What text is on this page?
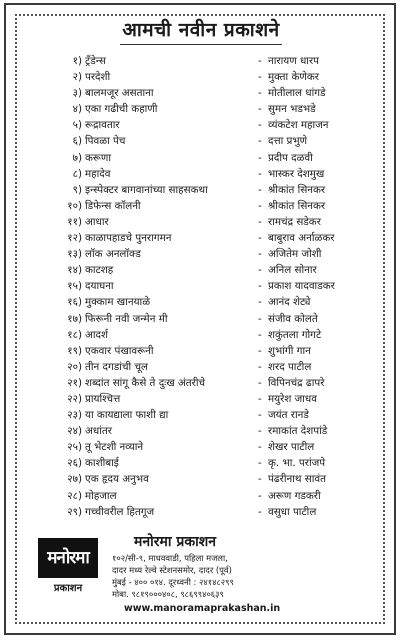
आमची नवीन प्रकाशने
१) ट्रॅंडेन्स	- नारायण धारप
२) परदेशी	- मुक्ता केणेकर
३) बालमजूर असताना	- मोतीलाल धांगडे
४) एका गढीची कहाणी	- सुमन भडभडे
५) रूद्रावतार	- व्यंकटेश महाजन
६) पिवळा पेच	- दत्ता प्रभुणे
७) करूणा	- प्रदीप दळवी
८) महादेव	- भास्कर देशमुख
९) इन्स्पेक्टर बागवानांच्या साहसकथा	- श्रीकांत सिनकर
१०) डिफेन्स कॉलनी	- श्रीकांत सिनकर
११) आधार	- रामचंद्र सडेकर
१२) काळापहाडचे पुनरागमन	- बाबुराव अर्नाळकर
१३) लॉक अनलॉक्ड	- अजितेम जोशी
१४) काटशह	- अनिल सोनार
१५) दयाघना	- प्रकाश यादवाडकर
१६) मुक्काम खानयाळे	- आनंद शेट्ये
१७) फिरूनी नवी जन्मेन मी	- संजीव कोलते
१८) आदर्श	- शकुंतला गोगटे
१९) एकवार पंखावरूनी	- शुभांगी गान
२०) तीन दगडांची चूल	- शरद पाटील
२१) शब्दांत सांगू कैसे ते दुःख अंतरीचे	- विपिनचंद्र ढापरे
२२) प्रायश्चित्त	- मयुरेश जाधव
२३) या कायद्याला फाशी द्या	- जयंत रानडे
२४) अधांतर	- रमाकांत देशपांडे
२५) तू भेटशी नव्याने	- शेखर पाटील
२६) काशीबाई	- कृ. भा. परांजपे
२७) एक हृदय अनुभव	- पंढरीनाथ सावंत
२८) मोहजाल	- अरूण गडकरी
२९) गच्चीवरील हितगूज	- वसुधा पाटील
मनोरमा
प्रकाशन
मनोरमा प्रकाशन
१०२/सी-९, माधववाडी, पहिला मजला,
दादर मध्य रेल्वे स्टेशनसमोर, दादर (पूर्व)
मुंबई - ४०० ०१४. दूरध्वनी : २४१४८२९९
मोबा. ९८१९०००४०८, ९८६९९४०६३९
www.manoramaprakashan.in
